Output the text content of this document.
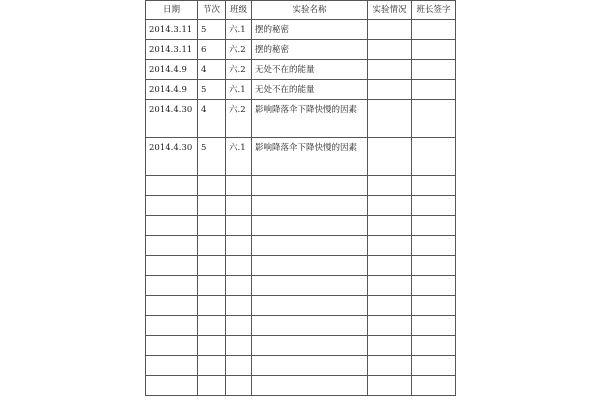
日期	节次	班级	实验名称	实验情况	班长签字
2014.3.11	5	六.1	摆的秘密		
2014.3.11	6	六.2	摆的秘密		
2014.4.9	4	六.2	无处不在的能量		
2014.4.9	5	六.1	无处不在的能量		
2014.4.30	4	六.2	影响降落伞下降快慢的因素		
2014.4.30	5	六.1	影响降落伞下降快慢的因素		
